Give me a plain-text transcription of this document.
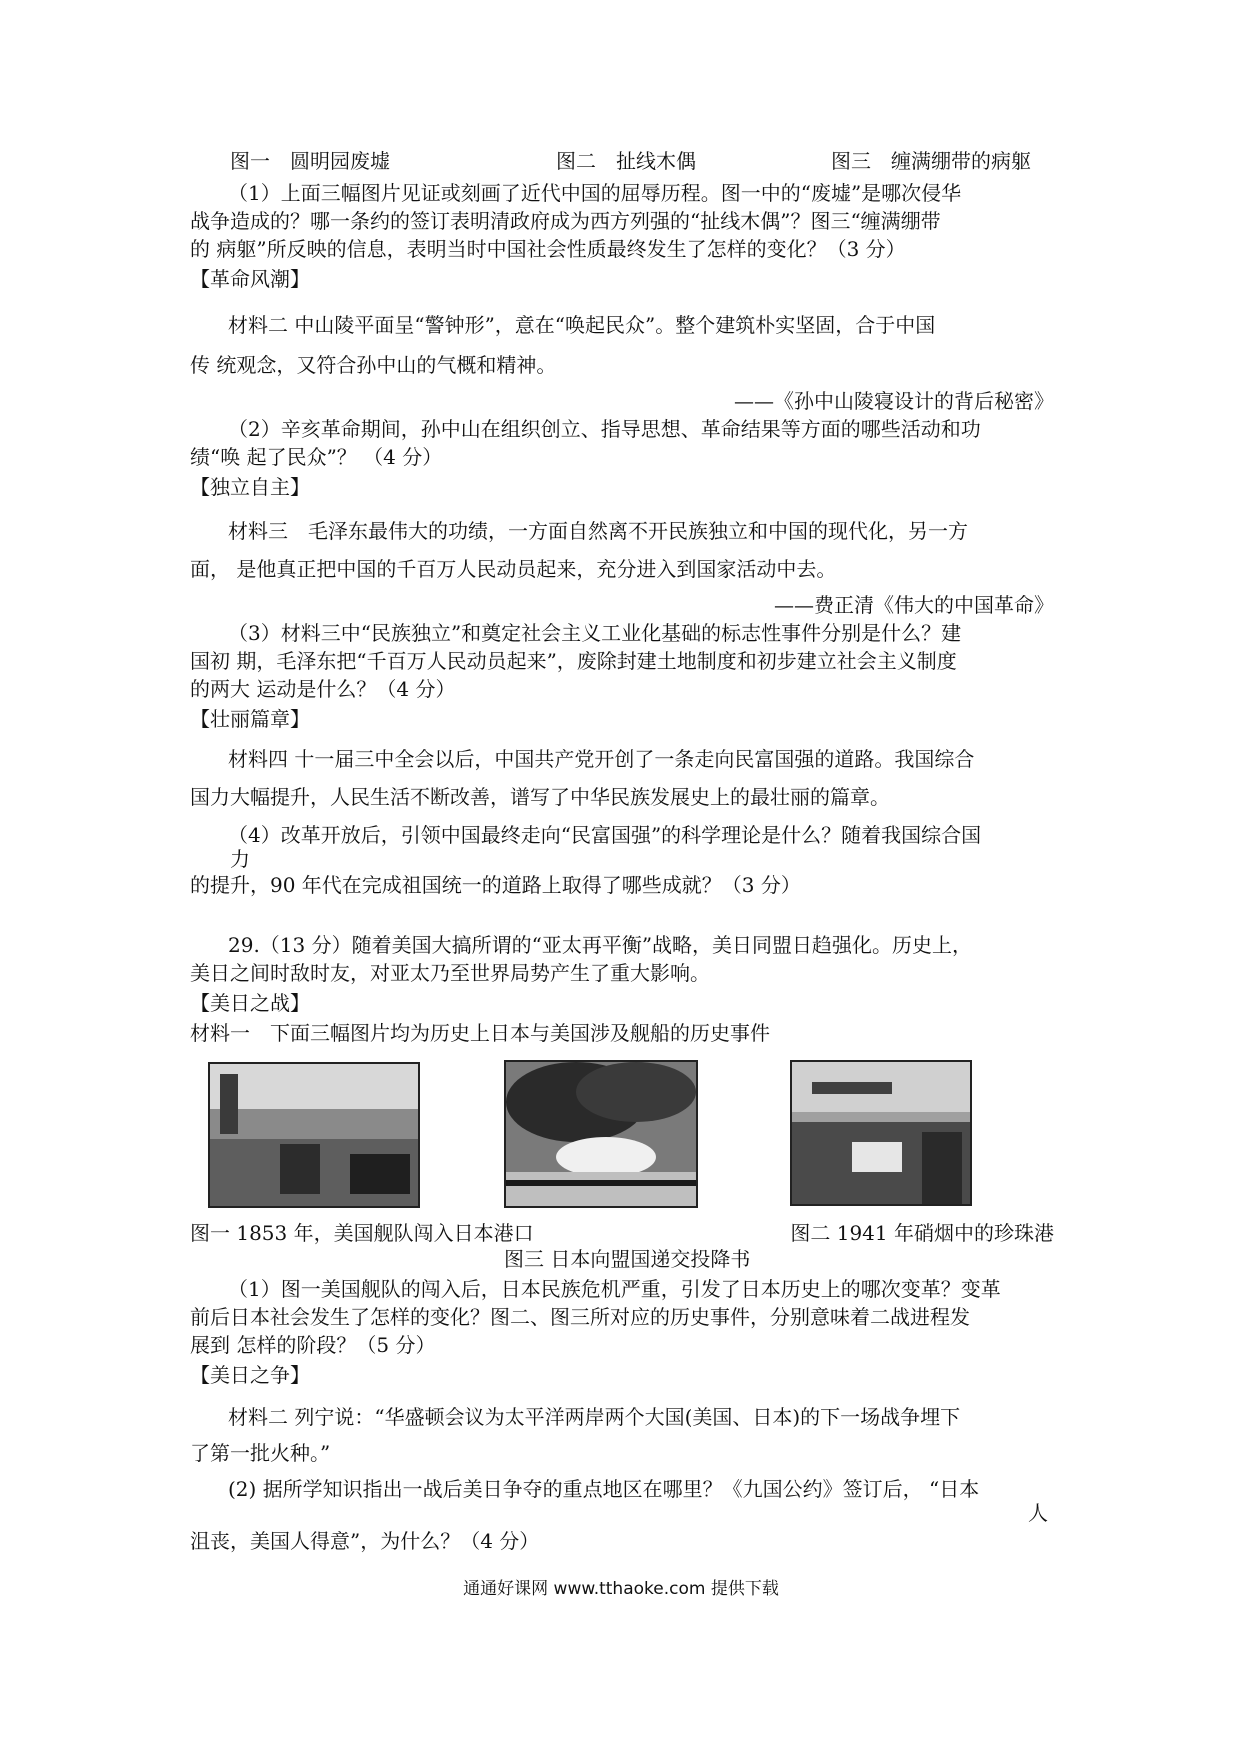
图一　圆明园废墟	图二　扯线木偶	图三　缠满绷带的病躯
（1）上面三幅图片见证或刻画了近代中国的屈辱历程。图一中的“废墟”是哪次侵华
战争造成的？哪一条约的签订表明清政府成为西方列强的“扯线木偶”？图三“缠满绷带
的 病躯”所反映的信息，表明当时中国社会性质最终发生了怎样的变化？（3 分）
【革命风潮】
材料二 中山陵平面呈“警钟形”，意在“唤起民众”。整个建筑朴实坚固，合于中国
传 统观念，又符合孙中山的气概和精神。
——《孙中山陵寝设计的背后秘密》
（2）辛亥革命期间，孙中山在组织创立、指导思想、革命结果等方面的哪些活动和功
绩“唤 起了民众”？ （4 分）
【独立自主】
材料三　毛泽东最伟大的功绩，一方面自然离不开民族独立和中国的现代化，另一方
面， 是他真正把中国的千百万人民动员起来，充分进入到国家活动中去。
——费正清《伟大的中国革命》
（3）材料三中“民族独立”和奠定社会主义工业化基础的标志性事件分别是什么？建
国初 期，毛泽东把“千百万人民动员起来”，废除封建土地制度和初步建立社会主义制度
的两大 运动是什么？（4 分）
【壮丽篇章】
材料四 十一届三中全会以后，中国共产党开创了一条走向民富国强的道路。我国综合
国力大幅提升，人民生活不断改善，谱写了中华民族发展史上的最壮丽的篇章。
（4）改革开放后，引领中国最终走向“民富国强”的科学理论是什么？随着我国综合国
力
的提升，90 年代在完成祖国统一的道路上取得了哪些成就？（3 分）
29.（13 分）随着美国大搞所谓的“亚太再平衡”战略，美日同盟日趋强化。历史上，
美日之间时敌时友，对亚太乃至世界局势产生了重大影响。
【美日之战】
材料一　下面三幅图片均为历史上日本与美国涉及舰船的历史事件
图一 1853 年，美国舰队闯入日本港口	图二 1941 年硝烟中的珍珠港
图三 日本向盟国递交投降书
（1）图一美国舰队的闯入后，日本民族危机严重，引发了日本历史上的哪次变革？变革
前后日本社会发生了怎样的变化？图二、图三所对应的历史事件，分别意味着二战进程发
展到 怎样的阶段？（5 分）
【美日之争】
材料二 列宁说：“华盛顿会议为太平洋两岸两个大国(美国、日本)的下一场战争埋下
了第一批火种。”
(2) 据所学知识指出一战后美日争夺的重点地区在哪里？《九国公约》签订后， “日本
人
沮丧，美国人得意”，为什么？（4 分）
通通好课网 www.tthaoke.com 提供下载
